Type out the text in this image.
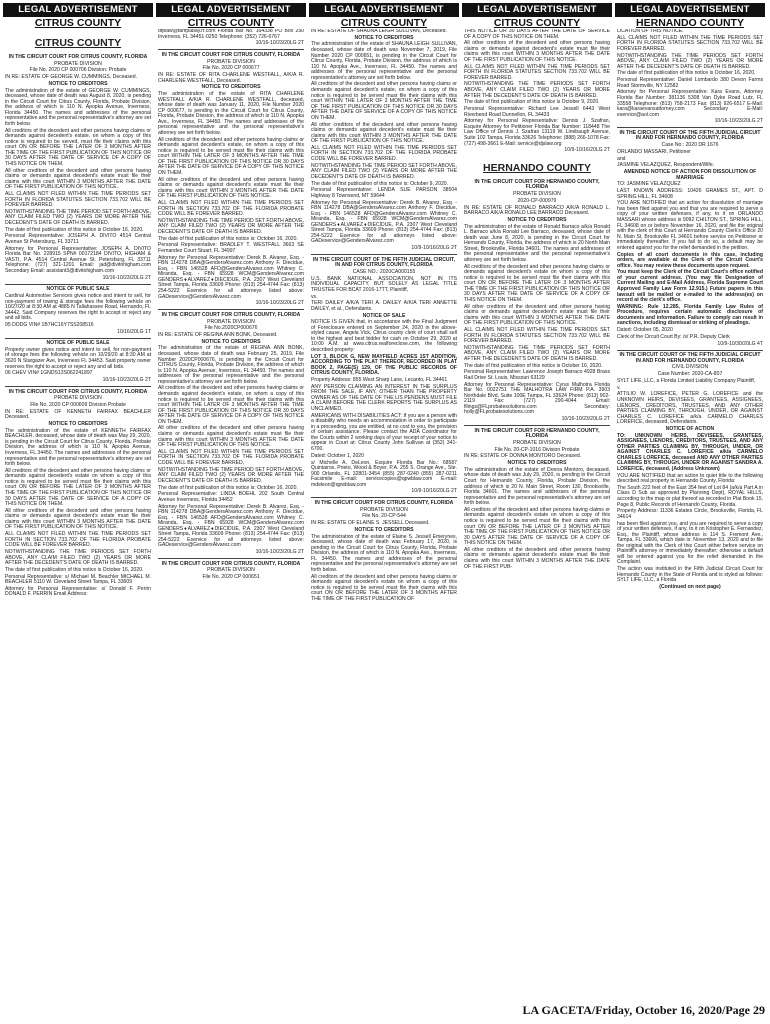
LEGAL ADVERTISEMENT
CITRUS COUNTY
CITRUS COUNTY

IN THE CIRCUIT COURT FOR CITRUS COUNTY, FLORIDA

PROBATE DIVISION

File No. 2020 CP 000706 Division: Probate

IN RE: ESTATE OF GEORGE W. CUMMINGS, Deceased.

NOTICE TO CREDITORS

The administration of the estate of GEORGE W. CUMMINGS, deceased, whose date of death was August 8, 2020, is pending in the Circuit Court for Citrus County, Florida, Probate Division, the address of which is 110 N. Apopka Avenue, Inverness, Florida 34450. The names and addresses of the personal representative and the personal representative's attorney are set forth below.

All creditors of the decedent and other persons having claims or demands against decedent's estate, on whom a copy of this notice is required to be served, must file their claims with this court ON OR BEFORE THE LATER OF 3 MONTHS AFTER THE TIME OF THE FIRST PUBLICATION OF THIS NOTICE OR 30 DAYS AFTER THE DATE OF SERVICE OF A COPY OF THIS NOTICE ON THEM.

All other creditors of the decedent and other persons having claims or demands against decedent's estate must file their claims with this court WITHIN 3 MONTHS AFTER THE DATE OF THE FIRST PUBLICATION OF THIS NOTICE.

ALL CLAIMS NOT FILED WITHIN THE TIME PERIODS SET FORTH IN FLORIDA STATUTES SECTION 733.702 WILL BE FOREVER BARRED.

NOTWITHSTANDING THE TIME PERIOD SET FORTH ABOVE, ANY CLAIM FILED TWO (2) YEARS OR MORE AFTER THE DECEDENT'S DATE OF DEATH IS BARRED.

The date of first publication of this notice is October 16, 2020.

Personal Representative: JOSEPH A. DIVITO 4514 Central Avenue St Petersburg, FL 33711

Attorney for Personal Representative: JOSEPH A. DIVITO Florida Bar No. 228915 SPN# 00172184 DIVITO, HIGHAM & VASTI, P.A. 4514 Central Avenue St. Petersburg, FL 33711 Telephone: (727) 321-1201 Email: jad@divitohigham.com Secondary Email: assistant3@divitohigham.com

10/16-10/23/20LG 2T

NOTICE OF PUBLIC SALE

Cardinal Automotive Services gives notice and intent to sell, for non-payment of towing & storage fees the following vehicle on 10/27/20 at 8:30 AM at 4885 N Tallahassee Road, Hernando, FL 34442. Said Company reserves the right to accept or reject any and all bids.

95 DODG VIN# 1B7HC16Y7SS208516

10/16/20LG 1T

NOTICE OF PUBLIC SALE

Property owner gives notice and intent to sell, for non-payment of storage fees the following vehicle on 10/29/20 at 8:30 AM at 3620 N Stargazer Ave, Inverness FL 34453. Said property owner reserves the right to accept or reject any and all bids.

06 CHEV VIN# 1GNDS13S062241897

10/16-10/23/20LG 2T

IN THE CIRCUIT COURT FOR CITRUS COUNTY, FLORIDA

PROBATE DIVISION

File No. 2020 CP 000609 Division Probate

IN RE: ESTATE OF KENNETH FAIRFAX BEACHLER Deceased.

NOTICE TO CREDITORS

The administration of the estate of KENNETH FAIRFAX BEACHLER, deceased, whose date of death was May 29, 2020, is pending in the Circuit Court for Citrus County, Florida, Probate Division, the address of which is 110 N. Apopka Avenue, Inverness, FL 34450. The names and addresses of the personal representative and the personal representative's attorney are set forth below.

All creditors of the decedent and other persons having claims or demands against decedent's estate on whom a copy of this notice is required to be served must file their claims with this court ON OR BEFORE THE LATER OF 3 MONTHS AFTER THE TIME OF THE FIRST PUBLICATION OF THIS NOTICE OR 30 DAYS AFTER THE DATE OF SERVICE OF A COPY OF THIS NOTICE ON THEM.

All other creditors of the decedent and other persons having claims or demands against decedent's estate must file their claims with this court WITHIN 3 MONTHS AFTER THE DATE OF THE FIRST PUBLICATION OF THIS NOTICE.

ALL CLAIMS NOT FILED WITHIN THE TIME PERIODS SET FORTH IN SECTION 733.702 OF THE FLORIDA PROBATE CODE WILL BE FOREVER BARRED.

NOTWITHSTANDING THE TIME PERIODS SET FORTH ABOVE, ANY CLAIM FILED TWO (2) YEARS OR MORE AFTER THE DECEDENT'S DATE OF DEATH IS BARRED.

The date of first publication of this notice is October 16, 2020.

Personal Representative: s/ Michael M. Beachler MICHAEL M. BEACHLER 5110 W. Cleveland Street Tampa, FL 33609

Attorney for Personal Representative: s/ Donald F. Perrin DONALD F. PERRIN Email Address:

LEGAL ADVERTISEMENT
CITRUS COUNTY

dfplaw@tampabay.rr.com Florida Bar No. 164338 PO Box 250 Inverness, FL 34451-0250 Telephone: (352) 726-6767

10/16-10/23/20LG 2T

IN THE CIRCUIT COURT FOR CITRUS COUNTY, FLORIDA

PROBATE DIVISION

File No. 2020 CP 000677

IN RE: ESTATE OF RITA CHARLENE WESTFALL, A/K/A R. CHARLENE WESTFALL, Deceased.

NOTICE TO CREDITORS

The administration of the estate of RITA CHARLENE WESTFALL A/K/A R. CHARLENE WESTFALL, deceased, whose date of death was January 11, 2020, File Number 2020 CP 000677, is pending in the Circuit Court for Citrus County, Florida, Probate Division, the address of which is 110 N. Apopka Ave., Inverness, FL 34450. The names and addresses of the personal representative and the personal representative's attorney are set forth below.

All creditors of the decedent and other persons having claims or demands against decedent's estate, on whom a copy of this notice is required to be served must file their claims with this court WITHIN THE LATER OF 3 MONTHS AFTER THE TIME OF THE FIRST PUBLICATION OF THIS NOTICE OR 30 DAYS AFTER THE DATE OF SERVICE OF A COPY OF THIS NOTICE ON THEM.

All other creditors of the decedent and other persons having claims or demands against decedent's estate must file their claims with this court WITHIN 3 MONTHS AFTER THE DATE OF THE FIRST PUBLICATION OF THIS NOTICE.

ALL CLAIMS NOT FILED WITHIN THE TIME PERIODS SET FORTH IN SECTION 733.702 OF THE FLORIDA PROBATE CODE WILL BE FOREVER BARRED.

NOTWITHSTANDING THE TIME PERIOD SET FORTH ABOVE, ANY CLAIM FILED TWO (2) YEARS OR MORE AFTER THE DECEDENT'S DATE OF DEATH IS BARRED.

The date of first publication of this notice is: October 16, 2020.

Personal Representative: BRADLEY T. WESTFALL 3663 SE Fernandez Court Stuart, FL 34997

Attorney for Personal Representative: Derek B. Alvarez, Esq. - FBN 114278 DBA@GendersAlvarez.com Anthony F. Diecidue, Esq. - FBN 146528 AFD@GendersAlvarez.com Whitney C. Miranda, Esq. - FBN 65928 WCM@GendersAlvarez.com GENDERS♦ALVAREZ♦DIECIDUE, P.A. 2307 West Cleveland Street Tampa, Florida 33609 Phone: (813) 254-4744 Fax: (813) 254-5222 Eservice for all attorneys listed above: GADeservice@GendersAlvarez.com

10/16-10/23/20LG 2T

IN THE CIRCUIT COURT FOR CITRUS COUNTY, FLORIDA

PROBATE DIVISION

File No.2020CP000676

IN RE: ESTATE OF REGINA ANN BONK, Deceased.

NOTICE TO CREDITORS

The administration of the estate of REGINA ANN BONK, deceased, whose date of death was February 25, 2019, File Number 2020CP000676, is pending in the Circuit Court for CITRUS County, Florida, Probate Division, the address of which is 110 N. Apopka Avenue, Inverness, FL 34450. The names and addresses of the personal representative and the personal representative's attorney are set forth below.

All creditors of the decedent and other persons having claims or demands against decedent's estate, on whom a copy of this notice is required to be served must file their claims with this court WITHIN THE LATER OF 3 MONTHS AFTER THE TIME OF THE FIRST PUBLICATION OF THIS NOTICE OR 30 DAYS AFTER THE DATE OF SERVICE OF A COPY OF THIS NOTICE ON THEM.

All other creditors of the decedent and other persons having claims or demands against decedent's estate must file their claims with this court WITHIN 3 MONTHS AFTER THE DATE OF THE FIRST PUBLICATION OF THIS NOTICE.

ALL CLAIMS NOT FILED WITHIN THE TIME PERIODS SET FORTH IN SECTION 733.702 OF THE FLORIDA PROBATE CODE WILL BE FOREVER BARRED.

NOTWITHSTANDING THE TIME PERIOD SET FORTH ABOVE, ANY CLAIM FILED TWO (2) YEARS OR MORE AFTER THE DECEDENT'S DATE OF DEATH IS BARRED.

The date of first publication of this notice is: October 16, 2020.

Personal Representative: LINDA BOEHL 202 South Central Avenue Inverness, Florida 34452

Attorney for Personal Representative: Derek B. Alvarez, Esq. - FBN 114278 DBA@GendersAlvarez.com Anthony F. Diecidue, Esq. - FBN 146528 AFD@GendersAlvarez.com Whitney C. Miranda, Esq. - FBN 65928 WCM@GendersAlvarez.com GENDERS♦ALVAREZ♦DIECIDUE, P.A. 2307 West Cleveland Street Tampa, Florida 33609 Phone: (813) 254-4744 Fax: (813) 254-5222 Eservice for all attorneys listed above: GADeservice@GendersAlvarez.com

10/16-10/23/20LG 2T

IN THE CIRCUIT COURT FOR CITRUS COUNTY, FLORIDA

PROBATE DIVISION

File No. 2020 CP 000651

LEGAL ADVERTISEMENT
CITRUS COUNTY

IN RE: ESTATE OF SHAUNA LEIGH SULLIVAN, Deceased.

NOTICE TO CREDITORS

The administration of the estate of SHAUNA LEIGH SULLIVAN, deceased, whose date of death was November 7, 2019, File Number 2020 CP 000651, is pending in the Circuit Court for Citrus County, Florida, Probate Division, the address of which is 110 N. Apopka Ave., Inverness, FL 34450. The names and addresses of the personal representative and the personal representative's attorney are set forth below.

All creditors of the decedent and other persons having claims or demands against decedent's estate, on whom a copy of this notice is required to be served must file their claims with this court WITHIN THE LATER OF 3 MONTHS AFTER THE TIME OF THE FIRST PUBLICATION OF THIS NOTICE OR 30 DAYS AFTER THE DATE OF SERVICE OF A COPY OF THIS NOTICE ON THEM.

All other creditors of the decedent and other persons having claims or demands against decedent's estate must file their claims with this court WITHIN 3 MONTHS AFTER THE DATE OF THE FIRST PUBLICATION OF THIS NOTICE.

ALL CLAIMS NOT FILED WITHIN THE TIME PERIODS SET FORTH IN SECTION 733.702 OF THE FLORIDA PROBATE CODE WILL BE FOREVER BARRED.

NOTWITHSTANDING THE TIME PERIOD SET FORTH ABOVE, ANY CLAIM FILED TWO (2) YEARS OR MORE AFTER THE DECEDENT'S DATE OF DEATH IS BARRED.

The date of first publication of this notice is: October 9, 2020.

Personal Representative: LENDA SUE PARSON 38504 Highway 8 Townsend, MT 59644

Attorney for Personal Representative: Derek B. Alvarez, Esq. - FBN 114278 DBA@GendersAlvarez.com Anthony F. Diecidue, Esq. - FBN 146528 AFD@GendersAlvarez.com Whitney C. Miranda, Esq. - FBN 65928 WCM@GendersAlvarez.com GENDERS♦ALVAREZ♦DIECIDUE, P.A. 2307 West Cleveland Street Tampa, Florida 33609 Phone: (813) 254-4744 Fax: (813) 254-5222 Eservice for all attorneys listed above: GADeservice@GendersAlvarez.com

10/9-10/16/20LG 2T

IN THE CIRCUIT COURT OF THE FIFTH JUDICIAL CIRCUIT, IN AND FOR CITRUS COUNTY, FLORIDA

CASE NO.: 2020CA000155

U.S. BANK NATIONAL ASSOCIATION, NOT IN ITS INDIVIDUAL CAPACITY, BUT SOLELY AS LEGAL TITLE TRUSTEE FOR BCAT 2016-17TT, Plaintiff,

vs.

TERI DAILEY A/K/A TERI A. DAILEY A/K/A TERI ANNETTE DAILEY, et al., Defendants.

NOTICE OF SALE

NOTICE IS GIVEN that, in accordance with the Final Judgment of Foreclosure entered on September 24, 2020 in the above-styled cause, Angela Vick, Citrus county clerk of court shall sell to the highest and best bidder for cash on October 29, 2020 at 10:00 A.M. at www.citrus.realforeclose.com, the following described property:

LOT 3, BLOCK G, NEW MAYFIELD ACRES 1ST ADDITION, ACCORDING TO THE PLAT THEREOF, RECORDED IN PLAT BOOK 2, PAGE(S) 129, OF THE PUBLIC RECORDS OF CITRUS COUNTY, FLORIDA.

Property Address: 855 West Sharp Lane, Lecanto, FL 34461

ANY PERSON CLAIMING AN INTEREST IN THE SURPLUS FROM THE SALE, IF ANY, OTHER THAN THE PROPERTY OWNER AS OF THE DATE OF THE LIS PENDENS MUST FILE A CLAIM BEFORE THE CLERK REPORTS THE SURPLUS AS UNCLAIMED.

AMERICANS WITH DISABILITIES ACT: If you are a person with a disability who needs an accommodation in order to participate in a proceeding, you are entitled, at no cost to you, the provision of certain assistance. Please contact the ADA Coordinator for the Courts within 2 working days of your receipt of your notice to appear in Court at: Citrus County John Sullivan at (352) 341-6700.

Dated: October 1, 2020

s/ Michelle A. DeLeon, Esquire Florida Bar No.: 68587 Quintairos, Prieto, Wood & Boyer, P.A. 255 S. Orange Ave., Ste. 900 Orlando, FL 32801-3454 (855) 287-0240 (855) 287-0211 Facsimile E-mail: servicecopies@qpwblaw.com E-mail: mdeleon@qpwblaw.com

10/9-10/16/20LG 2T

IN THE CIRCUIT COURT FOR CITRUS COUNTY, FLORIDA

PROBATE DIVISION

File No. 20-CP-544

IN RE: ESTATE OF ELAINE S. JESSELL Deceased.

NOTICE TO CREDITORS

The administration of the estate of Elaine S. Jessell Emerynes, deceased, whose date of death was February 17, 2020, is pending in the Circuit Court for Citrus County, Florida, Probate Division, the address of which is 110 N. Apopka Ave., Inverness, FL 34450. The names and addresses of the personal representative and the personal representative's attorney are set forth below.

All creditors of the decedent and other persons having claims or demands against decedent's estate on whom a copy of this notice is required to be served must file their claims with this court ON OR BEFORE THE LATER OF 3 MONTHS AFTER THE TIME OF THE FIRST PUBLICATION OF

LEGAL ADVERTISEMENT
CITRUS COUNTY

THIS NOTICE OR 30 DAYS AFTER THE DATE OF SERVICE OF A COPY OF THIS NOTICE ON THEM.

All other creditors of the decedent and other persons having claims or demands against decedent's estate must file their claims with this court WITHIN 3 MONTHS AFTER THE DATE OF THE FIRST PUBLICATION OF THIS NOTICE.

ALL CLAIMS NOT FILED WITHIN THE TIME PERIODS SET FORTH IN FLORIDA STATUTES SECTION 733.702 WILL BE FOREVER BARRED.

NOTWITHSTANDING THE TIME PERIODS SET FORTH ABOVE, ANY CLAIM FILED TWO (2) YEARS OR MORE AFTER THE DECEDENT'S DATE OF DEATH IS BARRED.

The date of first publication of this notice is October 9, 2020.

Personal Representative: Richard Lee Jessell 6443 West Riverbend Road Dunnellon, FL 34433

Attorney for Personal Representative: Dennis J. Szafran, Esquire Attorney for Petitioner Florida Bar Number: 118448 The Law Office of Dennis J. Szafran 13119 W. Linebaugh Avenue, Suite 102 Tampa, Florida 33626 Telephone: (888) 266-1078 Fax: (727) 498-3661 E-Mail: service@djslaw.org

10/9-10/16/20LG 2T

HERNANDO COUNTY

IN THE CIRCUIT COURT FOR HERNANDO COUNTY, FLORIDA

PROBATE DIVISION

2020-CP-000979

IN RE: ESTATE OF RONALD BARRACO A/K/A RONALD L. BARRACO A/K/A RONALD LEE BARRACO Deceased.

NOTICE TO CREDITORS

The administration of the estate of Ronald Barraco a/k/a Ronald L. Barraco a/k/a Ronald Lee Barraco, deceased, whose date of death was June 8, 2020, is pending in the Circuit Court for Hernando County, Florida, the address of which is 20 North Main Street, Brooksville, Florida 34601. The names and addresses of the personal representative and the personal representative's attorney are set forth below.

All creditors of the decedent and other persons having claims or demands against decedent's estate on whom a copy of this notice is required to be served must file their claims with this court ON OR BEFORE THE LATER OF 3 MONTHS AFTER THE TIME OF THE FIRST PUBLICATION OF THIS NOTICE OR 30 DAYS AFTER THE DATE OF SERVICE OF A COPY OF THIS NOTICE ON THEM.

All other creditors of the decedent and other persons having claims or demands against decedent's estate must file their claims with this court WITHIN 3 MONTHS AFTER THE DATE OF THE FIRST PUBLICATION OF THIS NOTICE.

ALL CLAIMS NOT FILED WITHIN THE TIME PERIODS SET FORTH IN FLORIDA STATUTES SECTION 733.702 WILL BE FOREVER BARRED.

NOTWITHSTANDING THE TIME PERIODS SET FORTH ABOVE, ANY CLAIM FILED TWO (2) YEARS OR MORE AFTER THE DECEDENT'S DATE OF DEATH IS BARRED.

The date of first publication of this notice is October 16, 2020.

Personal Representative: Lawrence Joseph Barraco 4928 Brass Rail Drive St. Louis, Missouri 63129

Attorney for Personal Representative: Cyrus Malhotra Florida Bar No. 0022751 THE MALHOTRA LAW FIRM P.A. 3903 Northdale Blvd, Suite 100E Tampa, FL 33624 Phone: (813) 902-2119 Fax: (727) 290-4044 Email: filings@FLprobatesolutions.com Secondary: holly@FLprobatesolutions.com

10/16-10/23/20LG 2T

IN THE CIRCUIT COURT FOR HERNANDO COUNTY, FLORIDA

PROBATE DIVISION

File No. 20-CP-1016 Division Probate

IN RE: ESTATE OF DONNA MONTORO Deceased.

NOTICE TO CREDITORS

The administration of the estate of Donna Montoro, deceased, whose date of death was July 29, 2020, is pending in the Circuit Court for Hernando County, Florida, Probate Division, the address of which is 20 N. Main Street, Room 130, Brooksville, Florida 34601. The names and addresses of the personal representative and the personal representative's attorney are set forth below.

All creditors of the decedent and other persons having claims or demands against decedent's estate on whom a copy of this notice is required to be served must file their claims with this court ON OR BEFORE THE LATER OF 3 MONTHS AFTER THE TIME OF THE FIRST PUBLICATION OF THIS NOTICE OR 30 DAYS AFTER THE DATE OF SERVICE OF A COPY OF THIS NOTICE ON THEM.

All other creditors of the decedent and other persons having claims or demands against decedent's estate must file their claims with this court WITHIN 3 MONTHS AFTER THE DATE OF THE FIRST PUB-

LEGAL ADVERTISEMENT
HERNANDO COUNTY

LICATION OF THIS NOTICE.

ALL CLAIMS NOT FILED WITHIN THE TIME PERIODS SET FORTH IN FLORIDA STATUTES SECTION 733.702 WILL BE FOREVER BARRED.

NOTWITHSTANDING THE TIME PERIODS SET FORTH ABOVE, ANY CLAIM FILED TWO (2) YEARS OR MORE AFTER THE DECEDENT'S DATE OF DEATH IS BARRED.

The date of first publication of this notice is October 16, 2020.

Personal Representative: Daniel Lombardo 380 Devon Farms Road Stormville, NY 12582

Attorney for Personal Representative: Kara Evans, Attorney Florida Bar Number: 381136 5308 Van Dyke Road Lutz, FL 33558 Telephone: (813) 758-2173 Fax: (813) 926-6517 E-Mail: kara@karaevansattorney.com Secondary E-Mail: eservice@aol.com

10/16-10/23/20LG 2T

IN THE CIRCUIT COURT OF THE FIFTH JUDICIAL CIRCUIT IN AND FOR HERNANDO COUNTY, FLORIDA

Case No.: 2020 DR 1676

ORLANDO MASSARI, Petitioner

and

JASMINE VELAZQUEZ, Respondent/Wife.

AMENDED NOTICE OF ACTION FOR DISSOLUTION OF MARRIAGE

TO: JASMINE VELAZQUEZ

LAST KNOWN ADDRESS: 10426 GRAMES ST., APT. D SPRING HILL, FL 34608

YOU ARE NOTIFIED that an action for dissolution of marriage has been filed against you and that you are required to serve a copy of your written defenses, if any, to it on ORLANDO MASSARI whose address is 9092 CHILTON ST., SPRING HILL, FL 34608 on or before November 16, 2020, and file the original with the clerk of this Court at Hernando County Clerk's Office 20 N. Main St. Brooksville FL 34601 before service on Petitioner or immediately thereafter. If you fail to do so, a default may be entered against you for the relief demanded in the petition.

Copies of all court documents in this case, including orders, are available at the Clerk of the Circuit Court's office. You may review these documents upon request.

You must keep the Clerk of the Circuit Court's office notified of your current address. (You may file Designation of Current Mailing and E-Mail Address, Florida Supreme Court Approved Family Law Form 12.915.) Future papers in this lawsuit will be mailed or e-mailed to the address(es) on record at the clerk's office.

WARNING: Rule 12.285, Florida Family Law Rules of Procedure, requires certain automatic disclosure of documents and information. Failure to comply can result in sanctions, including dismissal or striking of pleadings.

Dated: October 05, 2020

Clerk of the Circuit Court By: /s/ P.R. Deputy Clerk

10/9-10/30/20LG 4T

IN THE CIRCUIT COURT OF THE FIFTH JUDICIAL CIRCUIT IN AND FOR HERNANDO COUNTY, FLORIDA

CIVIL DIVISION

Case Number: 2020-CA-807

SYLT LIFE, LLC, a Florida Limited Liability Company Plaintiff,

v.

ATTILIO W. LOREFICE, PETER G. LOREFICE and the UNKNOWN HEIRS, DEVISEES, GRANTEES, ASSIGNEES, LIENORS, CREDITORS, TRUSTEES, AND ANY OTHER PARTIES CLAIMING BY, THROUGH, UNDER, OR AGAINST CHARLES C. LOREFICE a/k/a CARMELO CHARLES LOREFICE, deceased, Defendants.

NOTICE OF ACTION

TO: UNKNOWN HEIRS, DEVISEES, GRANTEES, ASSIGNEES, LIENORS, CREDITORS, TRUSTEES, AND ANY OTHER PARTIES CLAIMING BY, THROUGH, UNDER, OR AGAINST CHARLES C. LOREFICE a/k/a CARMELO CHARLES LOREFICE, deceased AND ANY OTHER PARTIES CLAIMING BY, THROUGH, UNDER OR AGAINST SANDRA A. LOREFICE, deceased, (Address Unknown)

YOU ARE NOTIFIED that an action to quiet title to the following described real property in Hernando County, Florida:

The South 222 feet of the East 354 feet of Lot 84 (a/k/a Part A in Class D Sub as approved by Planning Dept), ROYAL HILLS, according to the map or plat thereof as recorded in Plat Book 15, Page 8, Public Records of Hernando County, Florida.

Property Address: 11336 Estates Circle, Brooksville, Florida, FL 34614

has been filed against you, and you are required to serve a copy of your written defenses, if any, to it on Kristopher E. Fernandez, Esq., the Plaintiff, whose address is 114 S. Fremont Ave., Tampa, FL 33606, which date is: November 13, 2020 and to file the original with the Clerk of this Court either before service on Plaintiff's attorney or immediately thereafter; otherwise a default will be entered against you for the relief demanded in the Complaint.

The action was instituted in the Fifth Judicial Circuit Court for Hernando County in the State of Florida and is styled as follows: SYLT LIFE, LLC, a Florida

(Continued on next page)

LA GACETA/Friday, October 16, 2020/Page 29
